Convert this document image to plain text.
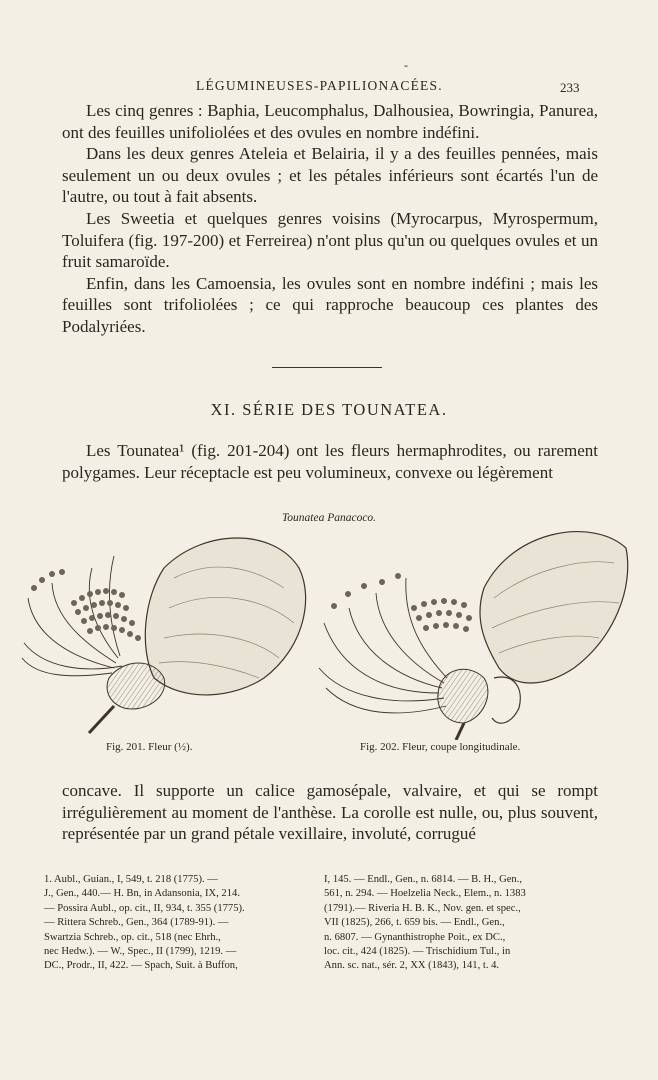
-
LÉGUMINEUSES-PAPILIONACÉES.	233

Les cinq genres : Baphia, Leucomphalus, Dalhousiea, Bowringia, Panurea, ont des feuilles unifoliolées et des ovules en nombre indéfini.

Dans les deux genres Ateleia et Belairia, il y a des feuilles pennées, mais seulement un ou deux ovules ; et les pétales inférieurs sont écartés l'un de l'autre, ou tout à fait absents.

Les Sweetia et quelques genres voisins (Myrocarpus, Myrospermum, Toluifera (fig. 197-200) et Ferreirea) n'ont plus qu'un ou quelques ovules et un fruit samaroïde.

Enfin, dans les Camoensia, les ovules sont en nombre indéfini ; mais les feuilles sont trifoliolées ; ce qui rapproche beaucoup ces plantes des Podalyriées.

XI. SÉRIE DES TOUNATEA.

Les Tounatea¹ (fig. 201-204) ont les fleurs hermaphrodites, ou rarement polygames. Leur réceptacle est peu volumineux, convexe ou légèrement

Tounatea Panacoco.
Fig. 201. Fleur (½).	Fig. 202. Fleur, coupe longitudinale.

concave. Il supporte un calice gamosépale, valvaire, et qui se rompt irrégulièrement au moment de l'anthèse. La corolle est nulle, ou, plus souvent, représentée par un grand pétale vexillaire, involuté, corrugué

1. Aubl., Guian., I, 549, t. 218 (1775). —
J., Gen., 440.— H. Bn, in Adansonia, IX, 214.
— Possira Aubl., op. cit., II, 934, t. 355 (1775).
— Rittera Schreb., Gen., 364 (1789-91). —
Swartzia Schreb., op. cit., 518 (nec Ehrh.,
nec Hedw.). — W., Spec., II (1799), 1219. —
DC., Prodr., II, 422. — Spach, Suit. à Buffon,
I, 145. — Endl., Gen., n. 6814. — B. H., Gen.,
561, n. 294. — Hoelzelia Neck., Elem., n. 1383
(1791).— Riveria H. B. K., Nov. gen. et spec.,
VII (1825), 266, t. 659 bis. — Endl., Gen.,
n. 6807. — Gynanthistrophe Poit., ex DC.,
loc. cit., 424 (1825). — Trischidium Tul., in
Ann. sc. nat., sér. 2, XX (1843), 141, t. 4.
